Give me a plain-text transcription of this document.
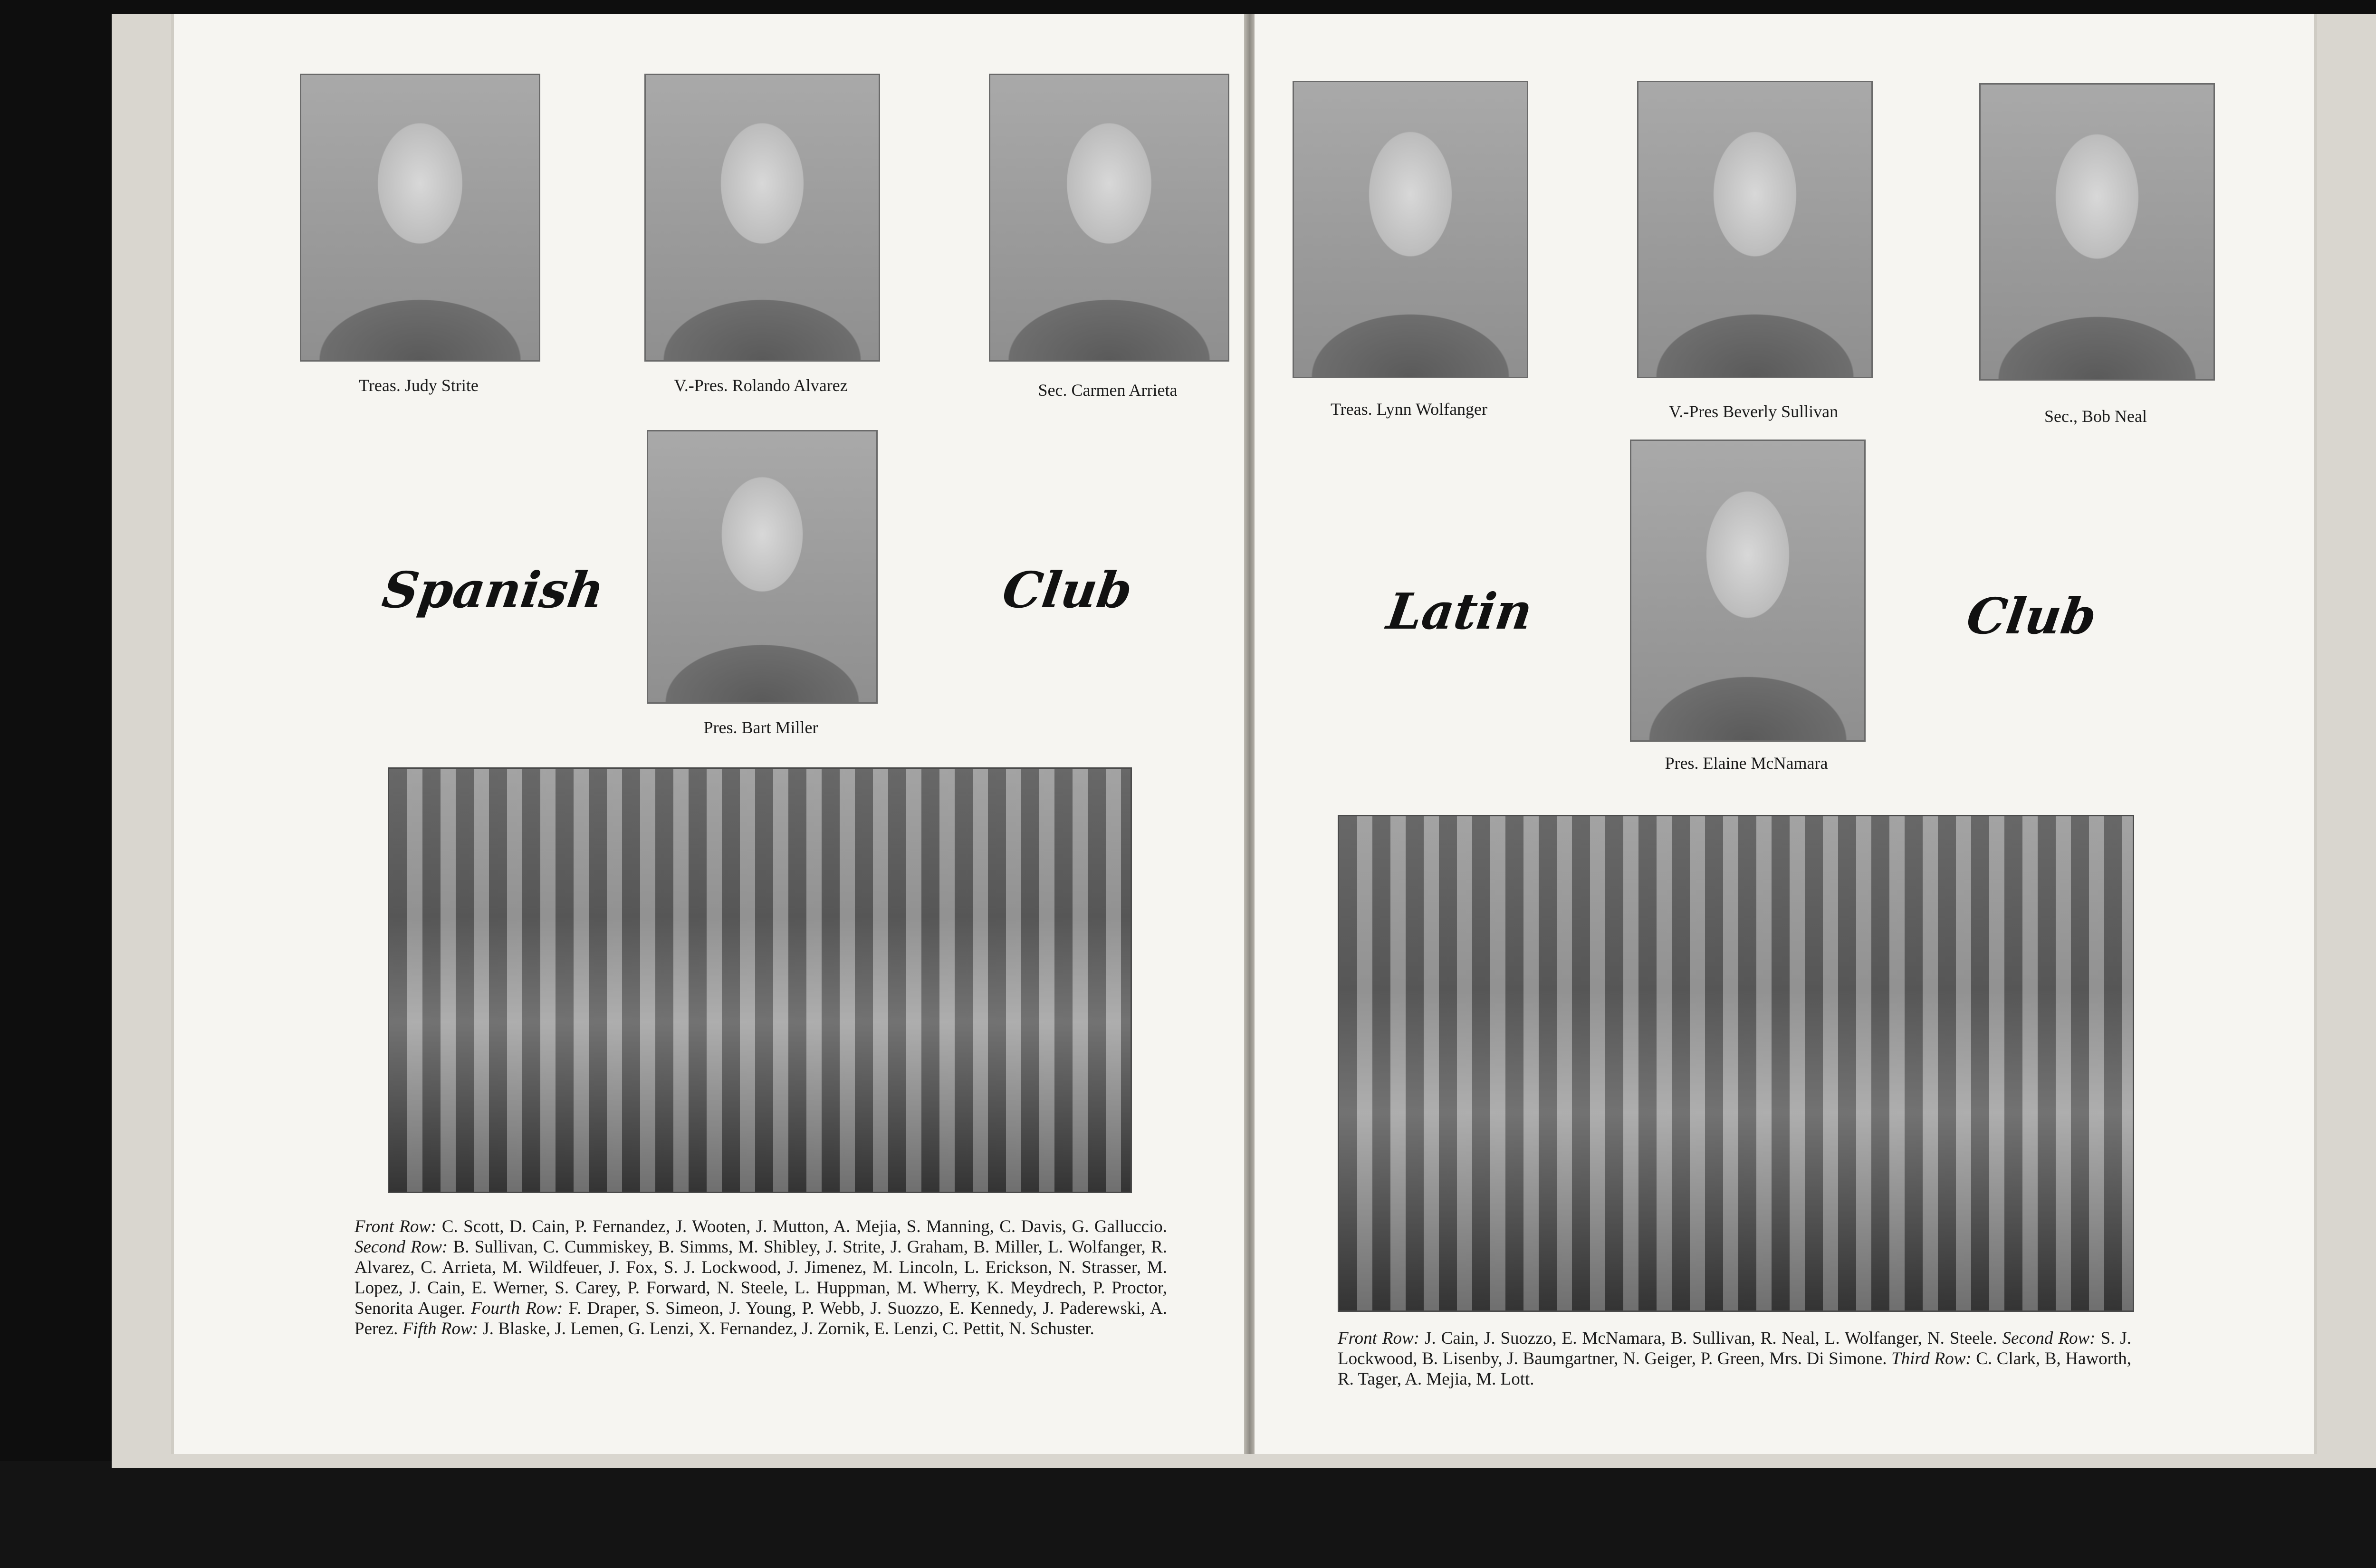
Treas. Judy Strite	V.-Pres. Rolando Alvarez	Sec. Carmen Arrieta
Pres. Bart Miller
Spanish	Club
Front Row: C. Scott, D. Cain, P. Fernandez, J. Wooten, J. Mutton, A. Mejia, S. Manning, C. Davis, G. Galluccio. Second Row: B. Sullivan, C. Cummiskey, B. Simms, M. Shibley, J. Strite, J. Graham, B. Miller, L. Wolfanger, R. Alvarez, C. Arrieta, M. Wildfeuer, J. Fox, S. J. Lockwood, J. Jimenez, M. Lincoln, L. Erickson, N. Strasser, M. Lopez, J. Cain, E. Werner, S. Carey, P. Forward, N. Steele, L. Huppman, M. Wherry, K. Meydrech, P. Proctor, Senorita Auger. Fourth Row: F. Draper, S. Simeon, J. Young, P. Webb, J. Suozzo, E. Kennedy, J. Paderewski, A. Perez. Fifth Row: J. Blaske, J. Lemen, G. Lenzi, X. Fernandez, J. Zornik, E. Lenzi, C. Pettit, N. Schuster.
Treas. Lynn Wolfanger	V.-Pres Beverly Sullivan	Sec., Bob Neal
Pres. Elaine McNamara
Latin	Club
Front Row: J. Cain, J. Suozzo, E. McNamara, B. Sullivan, R. Neal, L. Wolfanger, N. Steele. Second Row: S. J. Lockwood, B. Lisenby, J. Baumgartner, N. Geiger, P. Green, Mrs. Di Simone. Third Row: C. Clark, B, Haworth, R. Tager, A. Mejia, M. Lott.
